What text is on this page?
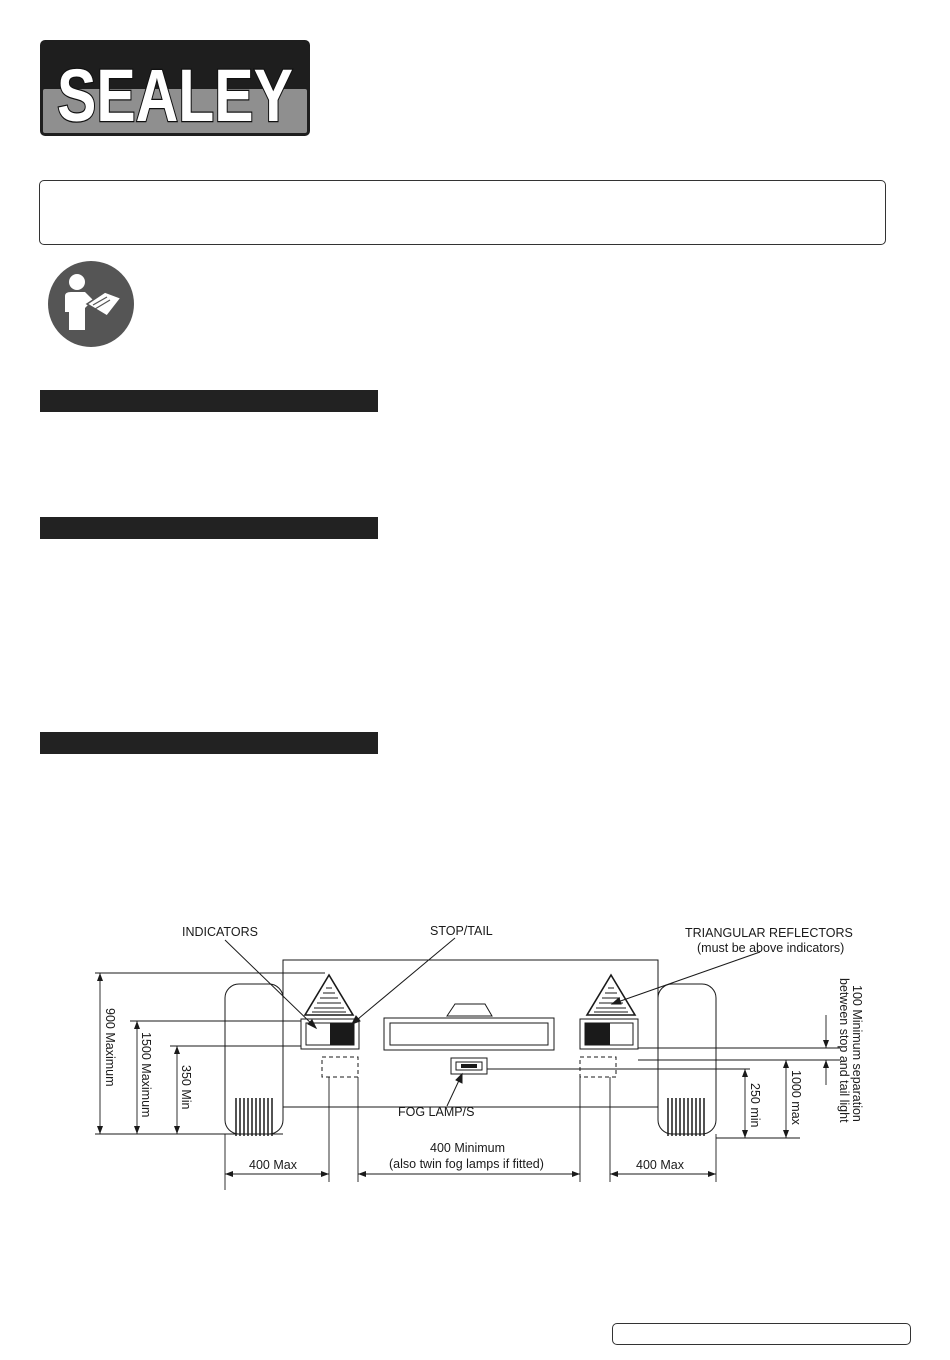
SEALEY
INDICATORS	STOP/TAIL	TRIANGULAR REFLECTORS
(must be above indicators)
FOG LAMP/S
900 Maximum 1500 Maximum 350 Min	250 min 1000 max	100 Minimum separation
between stop and tail light
400 Max
400 Minimum
(also twin fog lamps if fitted)	400 Max
